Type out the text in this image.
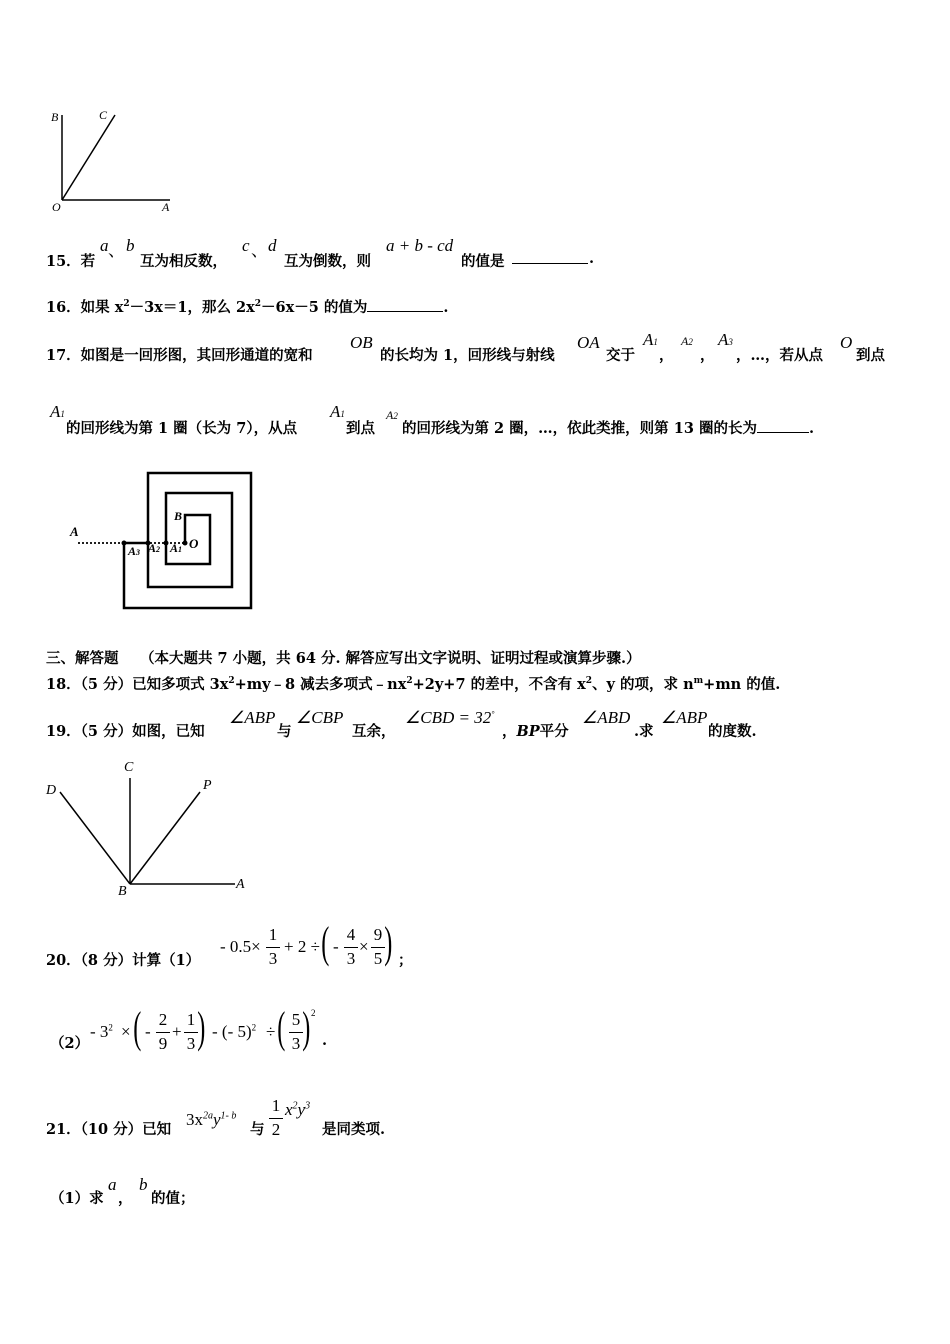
B	C
O	A
15．若
a 、 b
互为相反数，
c 、 d
互为倒数，则
a + b - cd
的值是	.
16．如果 $x^2-3x=1$，那么 $2x^2-6x-5$ 的值为	.
17．如图是一回形图，其回形通道的宽和
OB
的长均为 1，回形线与射线
OA
交于
A1
，
A2
，
A3
，…，若从点
O
到点
A1
的回形线为第 1 圈（长为 7），从点
A1
到点
A2
的回形线为第 2 圈，…，依此类推，则第 13 圈的长为	.
A
B
O
A3 A2 A1
三、解答题 （本大题共 7 小题，共 64 分. 解答应写出文字说明、证明过程或演算步骤.）
18．（5 分）已知多项式 $3x^2+my﹣8$ 减去多项式$﹣nx^2+2y+7$ 的差中，不含有 $x^2$、y 的项，求 $n^m+mn$ 的值.
19．（5 分）如图，已知
∠ABP
与
∠CBP
互余，
∠CBD = 32°
，BP平分
∠ABD
.求
∠ABP
的度数.
D
C
P
B	A
20．（8 分）计算（1）
- 0.5×
1
3
+ 2 ÷ ( -
4
3
×
9
5 ) ；
（2）
- $3^2$ × ( -
2
9
+
1
3 ) - (- 5)$^2$ ÷ ( 5
3 ) 2
.
21．（10 分）已知
$3x^{2a}y^{1- b}$
与
1
2
$x^2y^3$
是同类项.
（1）求
a
，
b
的值；
